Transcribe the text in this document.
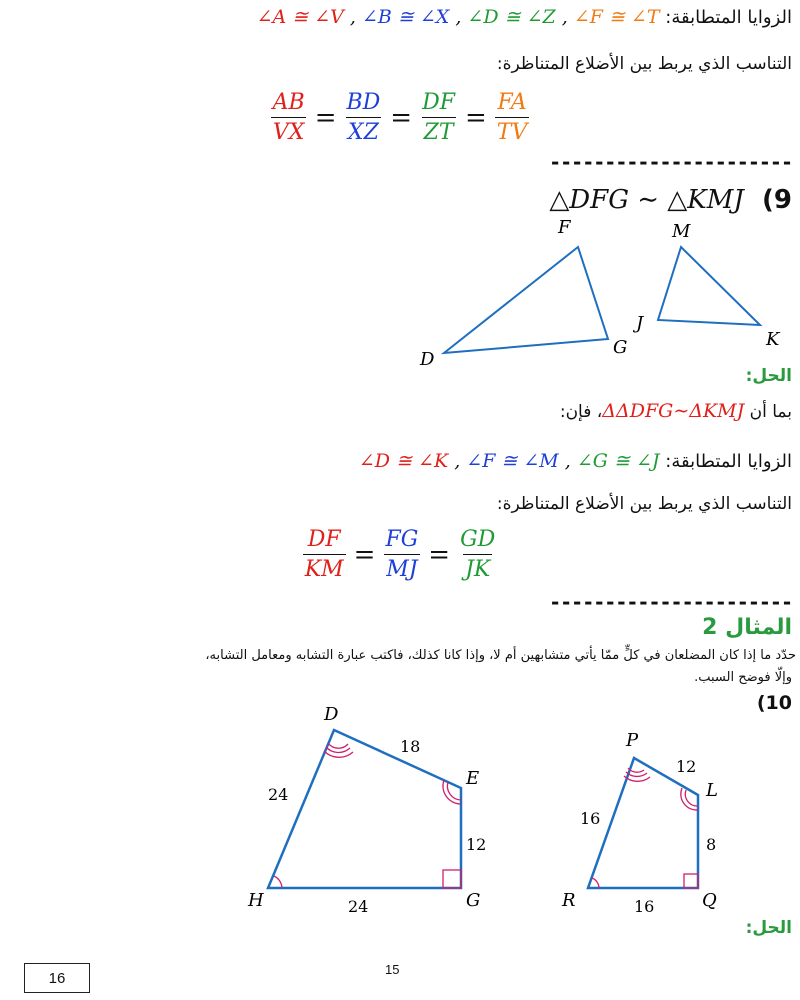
الزوايا المتطابقة: ∠A ≅ ∠V , ∠B ≅ ∠X , ∠D ≅ ∠Z , ∠F ≅ ∠T
التناسب الذي يربط بين الأضلاع المتناظرة:
$\frac{AB}{VX} = \frac{BD}{XZ} = \frac{DF}{ZT} = \frac{FA}{TV}$
----------------------
△DFG ∼ △KMJ (9
F
G
D
M
K
J
الحل:
بما أن ΔΔDFG∼ΔKMJ، فإن:
الزوايا المتطابقة: ∠D ≅ ∠K , ∠F ≅ ∠M , ∠G ≅ ∠J
التناسب الذي يربط بين الأضلاع المتناظرة:
$\frac{DF}{KM} = \frac{FG}{MJ} = \frac{GD}{JK}$
----------------------
المثال 2
حدّد ما إذا كان المضلعان في كلٍّ ممّا يأتي متشابهين أم لا، وإذا كانا كذلك، فاكتب عبارة التشابه ومعامل التشابه،
وإلّا فوضح السبب.
(10
D
E
G
H
18
24
12
24
P
L
Q
R
12
16
8
16
الحل:
16	15
